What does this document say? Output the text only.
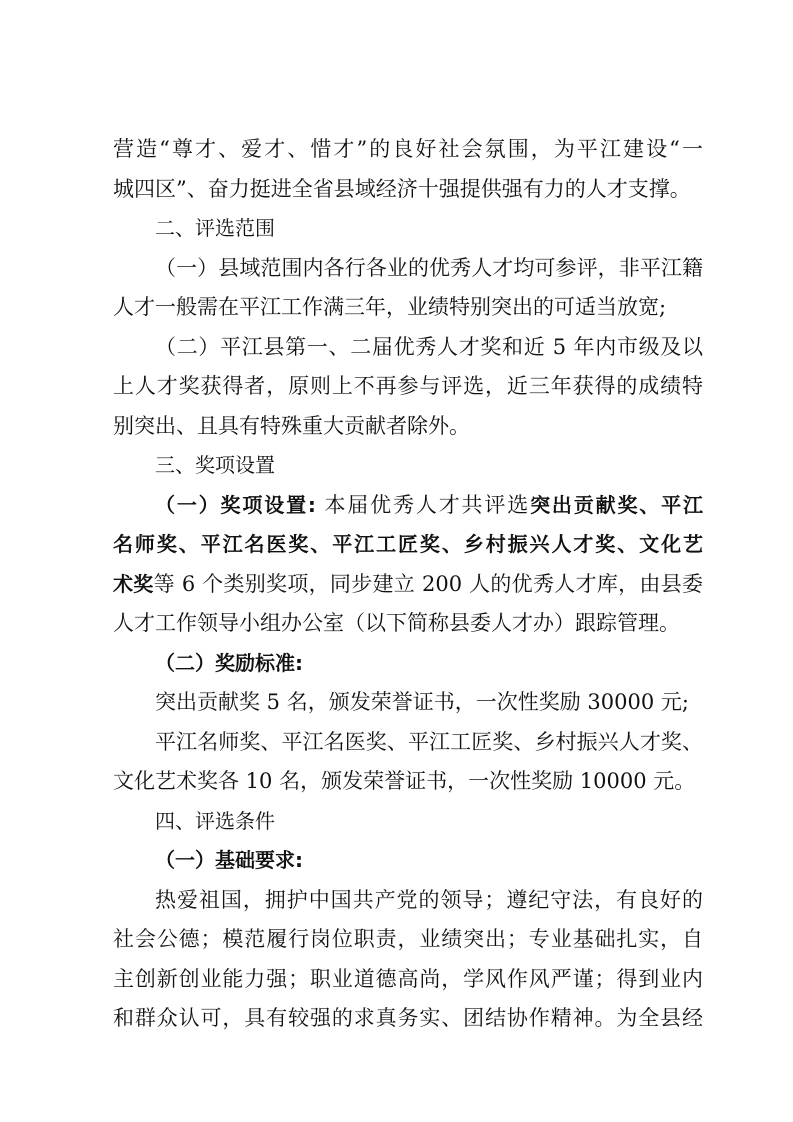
营造“尊才、爱才、惜才”的良好社会氛围，为平江建设“一
城四区”、奋力挺进全省县域经济十强提供强有力的人才支撑。
二、评选范围
（一）县域范围内各行各业的优秀人才均可参评，非平江籍
人才一般需在平江工作满三年，业绩特别突出的可适当放宽;
（二）平江县第一、二届优秀人才奖和近 5 年内市级及以
上人才奖获得者，原则上不再参与评选，近三年获得的成绩特
别突出、且具有特殊重大贡献者除外。
三、奖项设置
（一）奖项设置: 本届优秀人才共评选突出贡献奖、平江
名师奖、平江名医奖、平江工匠奖、乡村振兴人才奖、文化艺
术奖等 6 个类别奖项，同步建立 200 人的优秀人才库，由县委
人才工作领导小组办公室（以下简称县委人才办）跟踪管理。
（二）奖励标准:
突出贡献奖 5 名，颁发荣誉证书，一次性奖励 30000 元;
平江名师奖、平江名医奖、平江工匠奖、乡村振兴人才奖、
文化艺术奖各 10 名，颁发荣誉证书，一次性奖励 10000 元。
四、评选条件
（一）基础要求:
热爱祖国，拥护中国共产党的领导；遵纪守法，有良好的
社会公德；模范履行岗位职责，业绩突出；专业基础扎实，自
主创新创业能力强；职业道德高尚，学风作风严谨；得到业内
和群众认可，具有较强的求真务实、团结协作精神。为全县经
